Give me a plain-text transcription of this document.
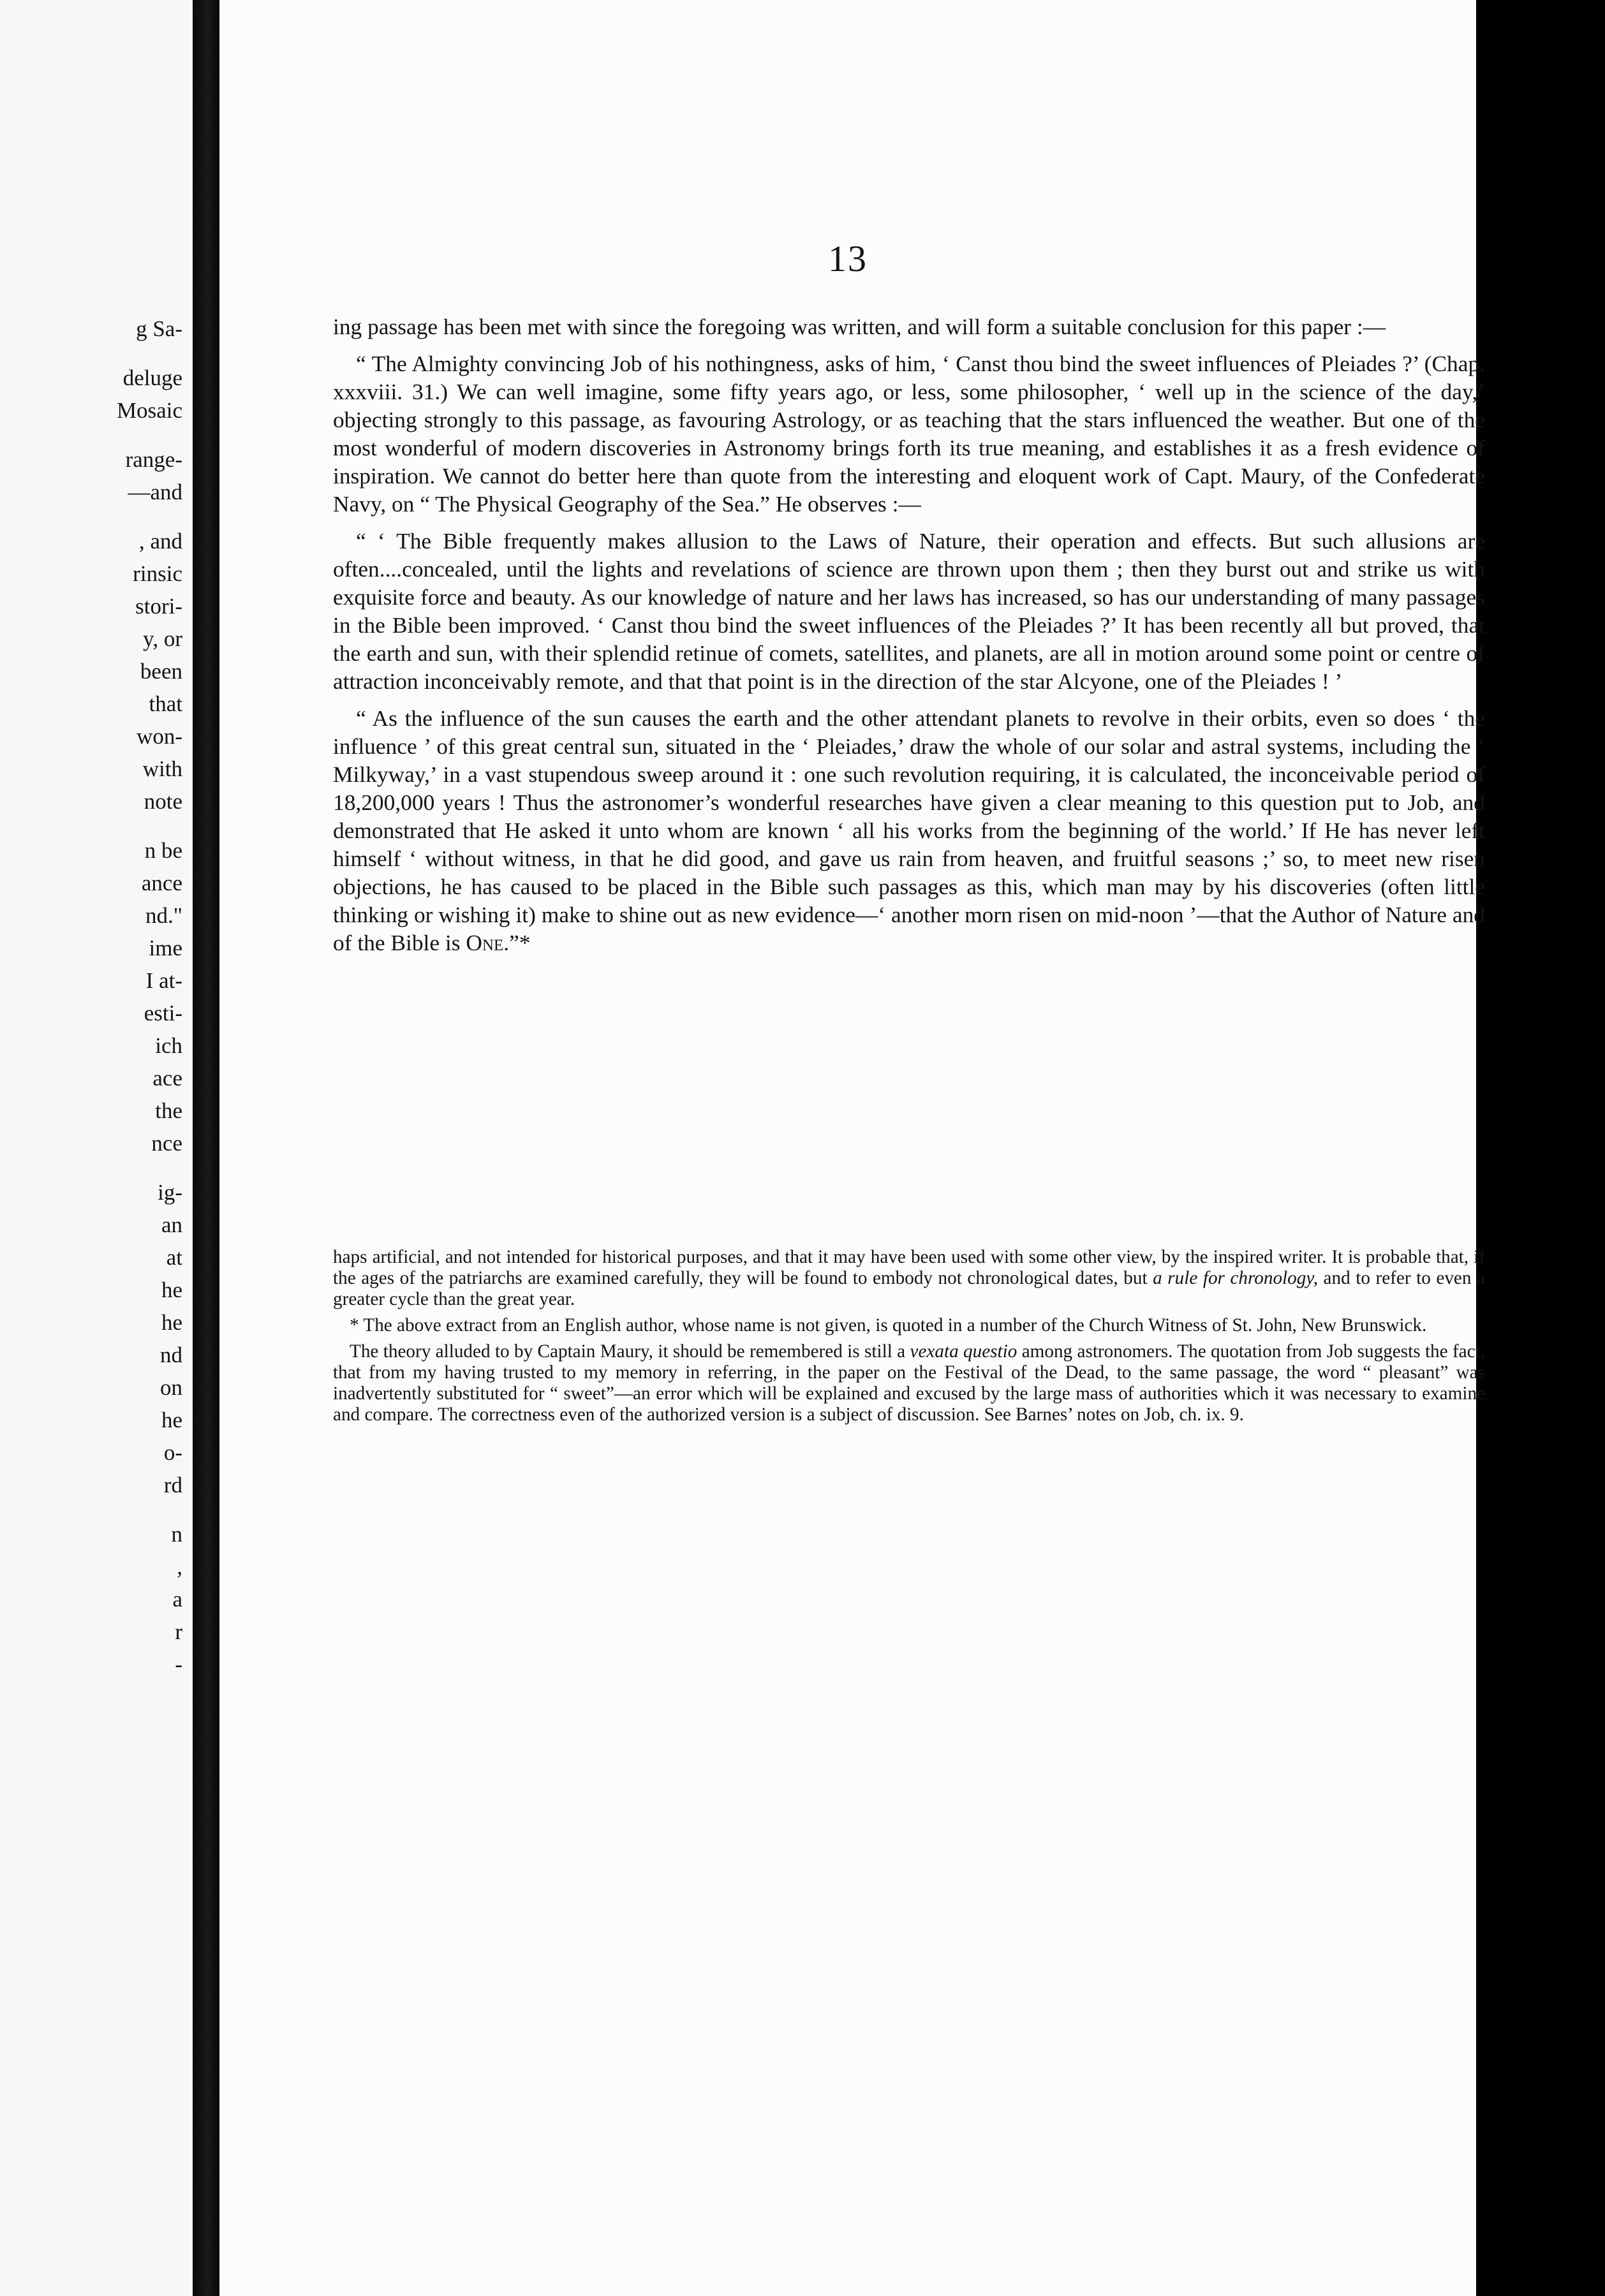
g Sa-
deluge
Mosaic
range-
—and
, and
rinsic
stori-
y, or
been
that
won-
with
note
n be
ance
nd."
ime
I at-
esti-
ich
ace
the
nce
ig-
an
at
he
he
nd
on
he
o-
rd
n
,
a
r
-
13

ing passage has been met with since the foregoing was written, and will form a suitable conclusion for this paper :—

“ The Almighty convincing Job of his nothingness, asks of him, ‘ Canst thou bind the sweet influences of Pleiades ?’ (Chap. xxxviii. 31.) We can well imagine, some fifty years ago, or less, some philosopher, ‘ well up in the science of the day,’ objecting strongly to this passage, as favouring Astrology, or as teaching that the stars influenced the weather. But one of the most wonderful of modern discoveries in Astronomy brings forth its true meaning, and establishes it as a fresh evidence of inspiration. We cannot do better here than quote from the interesting and eloquent work of Capt. Maury, of the Confederate Navy, on “ The Physical Geography of the Sea.” He observes :—

“ ‘ The Bible frequently makes allusion to the Laws of Nature, their operation and effects. But such allusions are often....concealed, until the lights and revelations of science are thrown upon them ; then they burst out and strike us with exquisite force and beauty. As our knowledge of nature and her laws has increased, so has our understanding of many passages in the Bible been improved. ‘ Canst thou bind the sweet influences of the Pleiades ?’ It has been recently all but proved, that the earth and sun, with their splendid retinue of comets, satellites, and planets, are all in motion around some point or centre of attraction inconceivably remote, and that that point is in the direction of the star Alcyone, one of the Pleiades ! ’

“ As the influence of the sun causes the earth and the other attendant planets to revolve in their orbits, even so does ‘ the influence ’ of this great central sun, situated in the ‘ Pleiades,’ draw the whole of our solar and astral systems, including the ‘ Milkyway,’ in a vast stupendous sweep around it : one such revolution requiring, it is calculated, the inconceivable period of 18,200,000 years ! Thus the astronomer’s wonderful researches have given a clear meaning to this question put to Job, and demonstrated that He asked it unto whom are known ‘ all his works from the beginning of the world.’ If He has never left himself ‘ without witness, in that he did good, and gave us rain from heaven, and fruitful seasons ;’ so, to meet new risen objections, he has caused to be placed in the Bible such passages as this, which man may by his discoveries (often little thinking or wishing it) make to shine out as new evidence—‘ another morn risen on mid-noon ’—that the Author of Nature and of the Bible is One.”*

haps artificial, and not intended for historical purposes, and that it may have been used with some other view, by the inspired writer. It is probable that, if the ages of the patriarchs are examined carefully, they will be found to embody not chronological dates, but a rule for chronology, and to refer to even a greater cycle than the great year.

* The above extract from an English author, whose name is not given, is quoted in a number of the Church Witness of St. John, New Brunswick.

The theory alluded to by Captain Maury, it should be remembered is still a vexata questio among astronomers. The quotation from Job suggests the fact, that from my having trusted to my memory in referring, in the paper on the Festival of the Dead, to the same passage, the word “ pleasant” was inadvertently substituted for “ sweet”—an error which will be explained and excused by the large mass of authorities which it was necessary to examine and compare. The correctness even of the authorized version is a subject of discussion. See Barnes’ notes on Job, ch. ix. 9.
